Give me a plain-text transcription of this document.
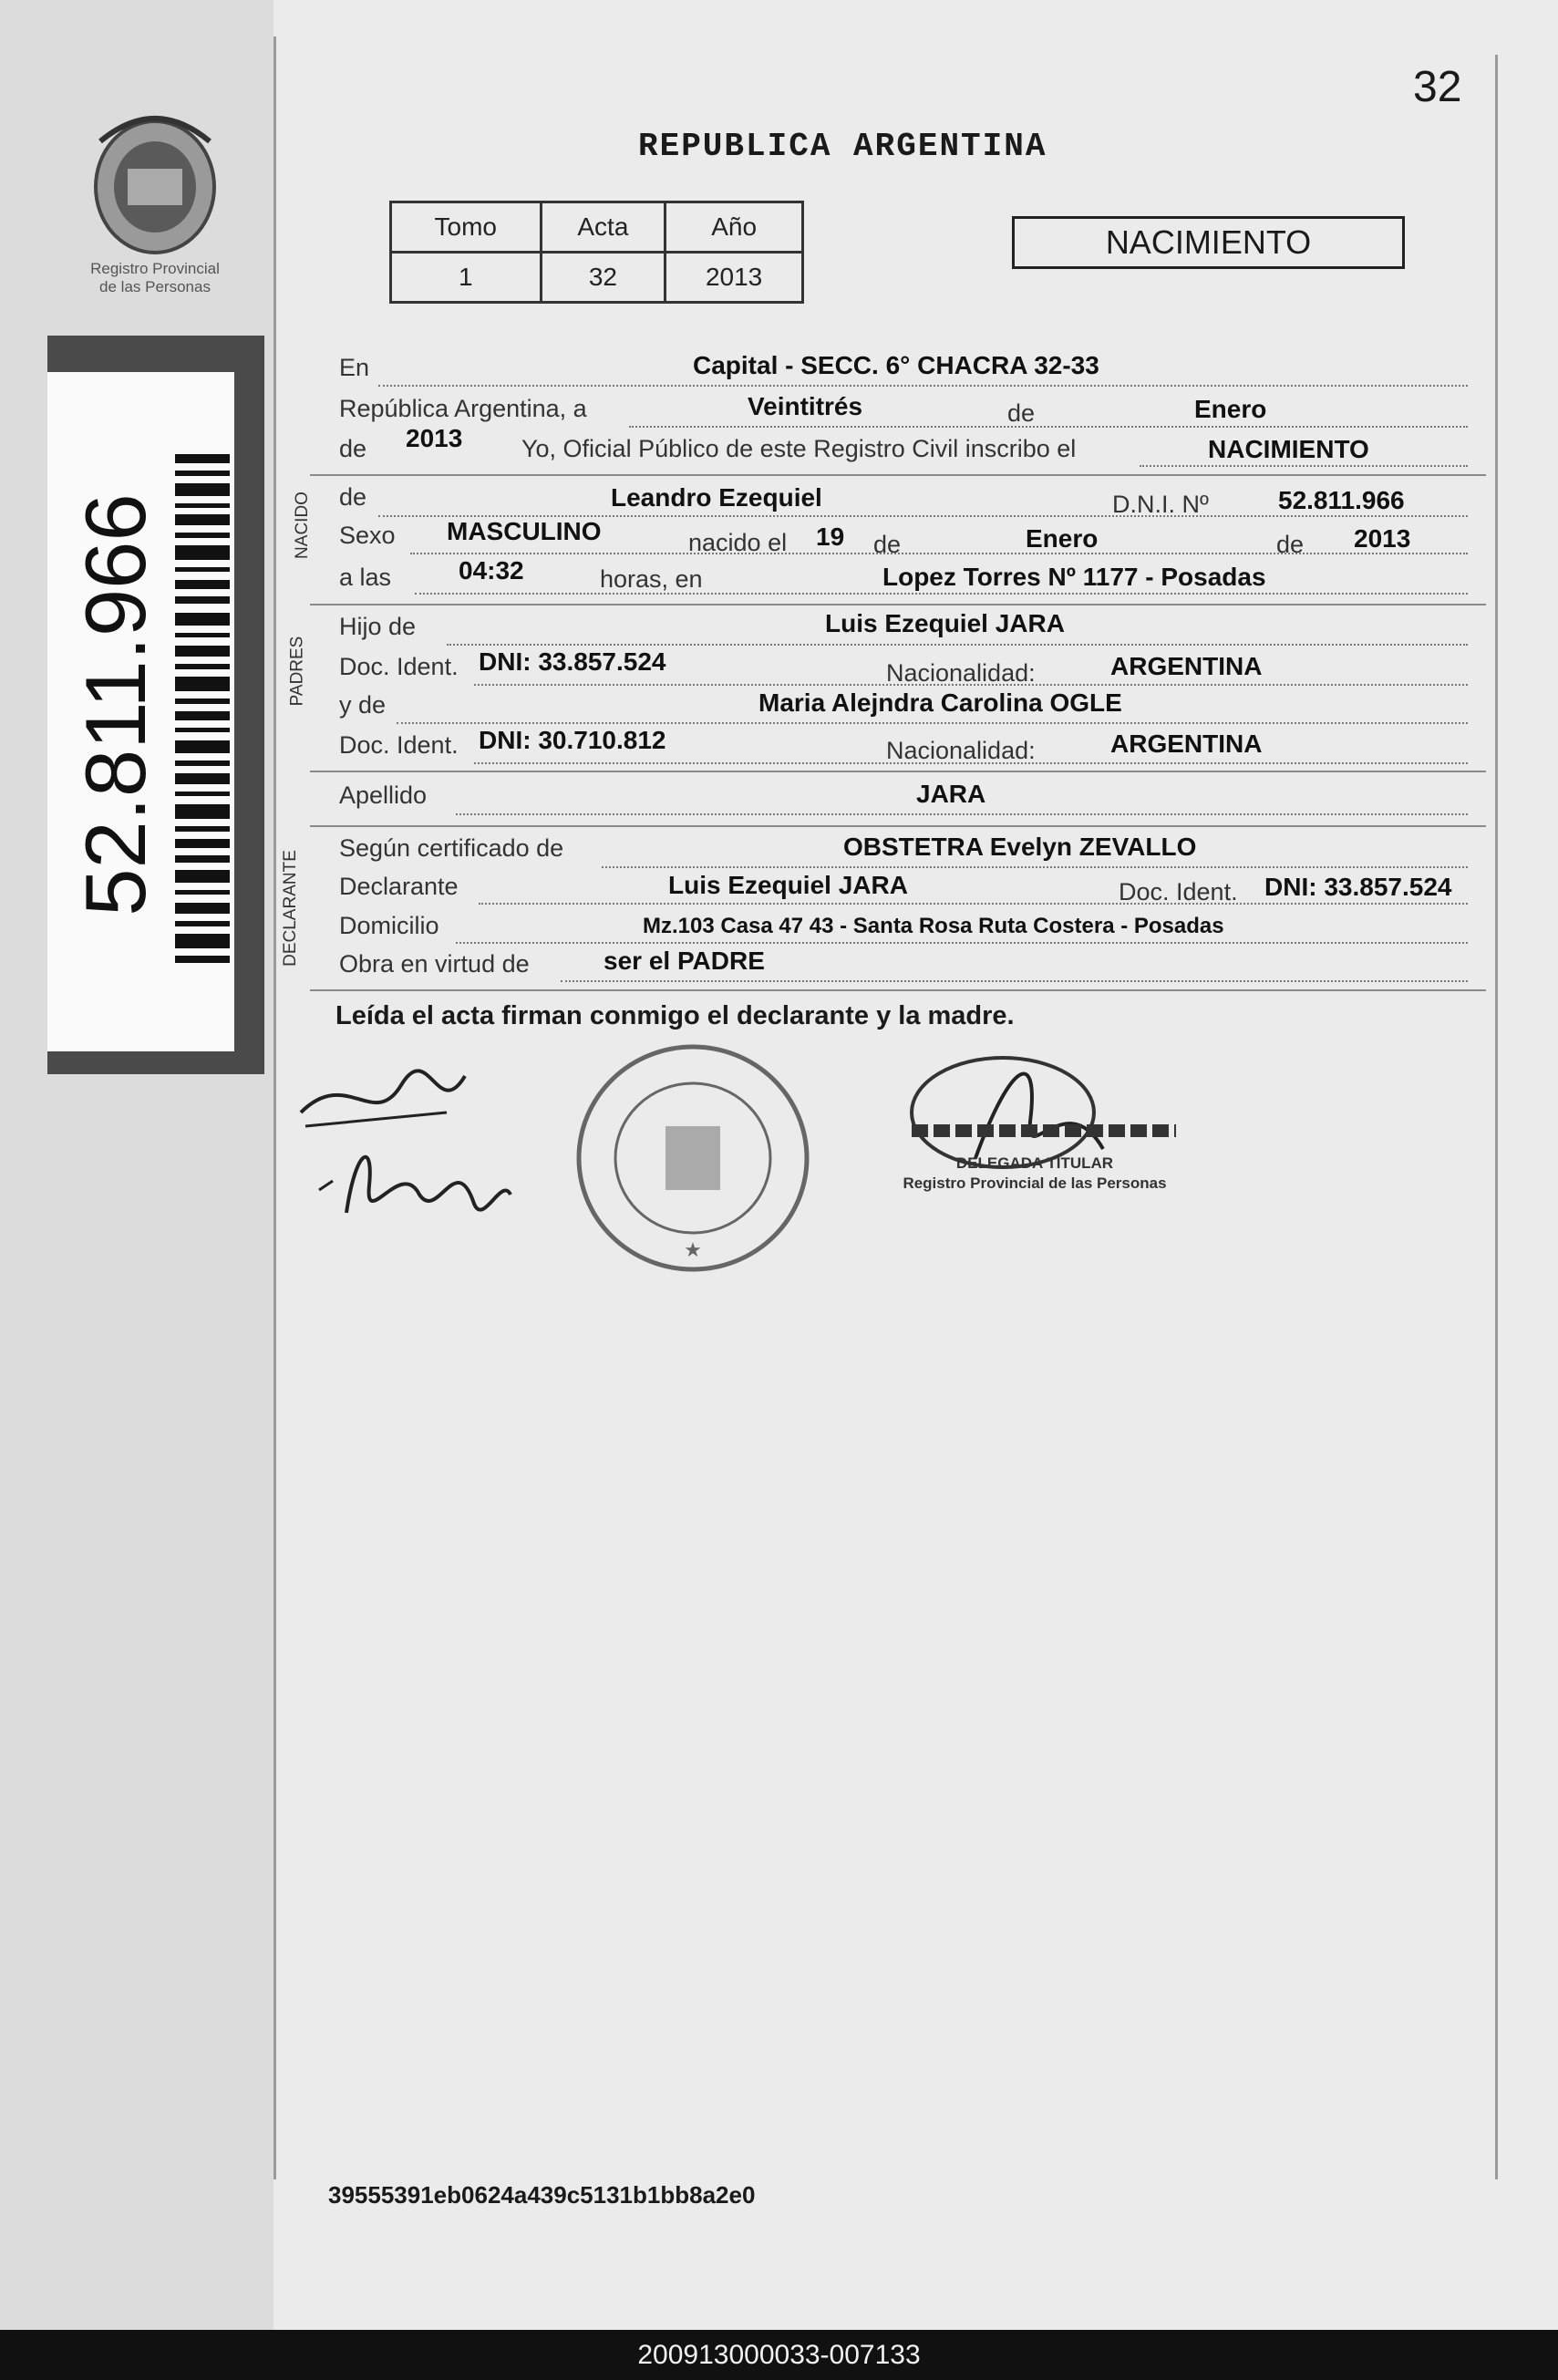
Registro Provincial
de las Personas
52.811.966
32
REPUBLICA ARGENTINA
Tomo	Acta	Año
1	32	2013
NACIMIENTO
En	Capital - SECC. 6° CHACRA 32-33
República Argentina, a	Veintitrés	de	Enero
de 2013 Yo, Oficial Público de este Registro Civil inscribo el	NACIMIENTO
NACIDO de	Leandro Ezequiel	D.N.I. Nº	52.811.966
Sexo MASCULINO	nacido el 19 de	Enero	de 2013
a las	04:32	horas, en	Lopez Torres Nº 1177 - Posadas
PADRES
Hijo de	Luis Ezequiel JARA
Doc. Ident. DNI: 33.857.524	Nacionalidad:	ARGENTINA
y de	Maria Alejndra Carolina OGLE
Doc. Ident. DNI: 30.710.812	Nacionalidad:	ARGENTINA
Apellido	JARA
DECLARANTE
Según certificado de	OBSTETRA Evelyn ZEVALLO
Declarante	Luis Ezequiel JARA	Doc. Ident. DNI: 33.857.524
Domicilio	Mz.103 Casa 47 43 - Santa Rosa Ruta Costera - Posadas
Obra en virtud de	ser el PADRE
Leída el acta firman conmigo el declarante y la madre.
★
DELEGADA TITULAR
Registro Provincial de las Personas
39555391eb0624a439c5131b1bb8a2e0
200913000033-007133
